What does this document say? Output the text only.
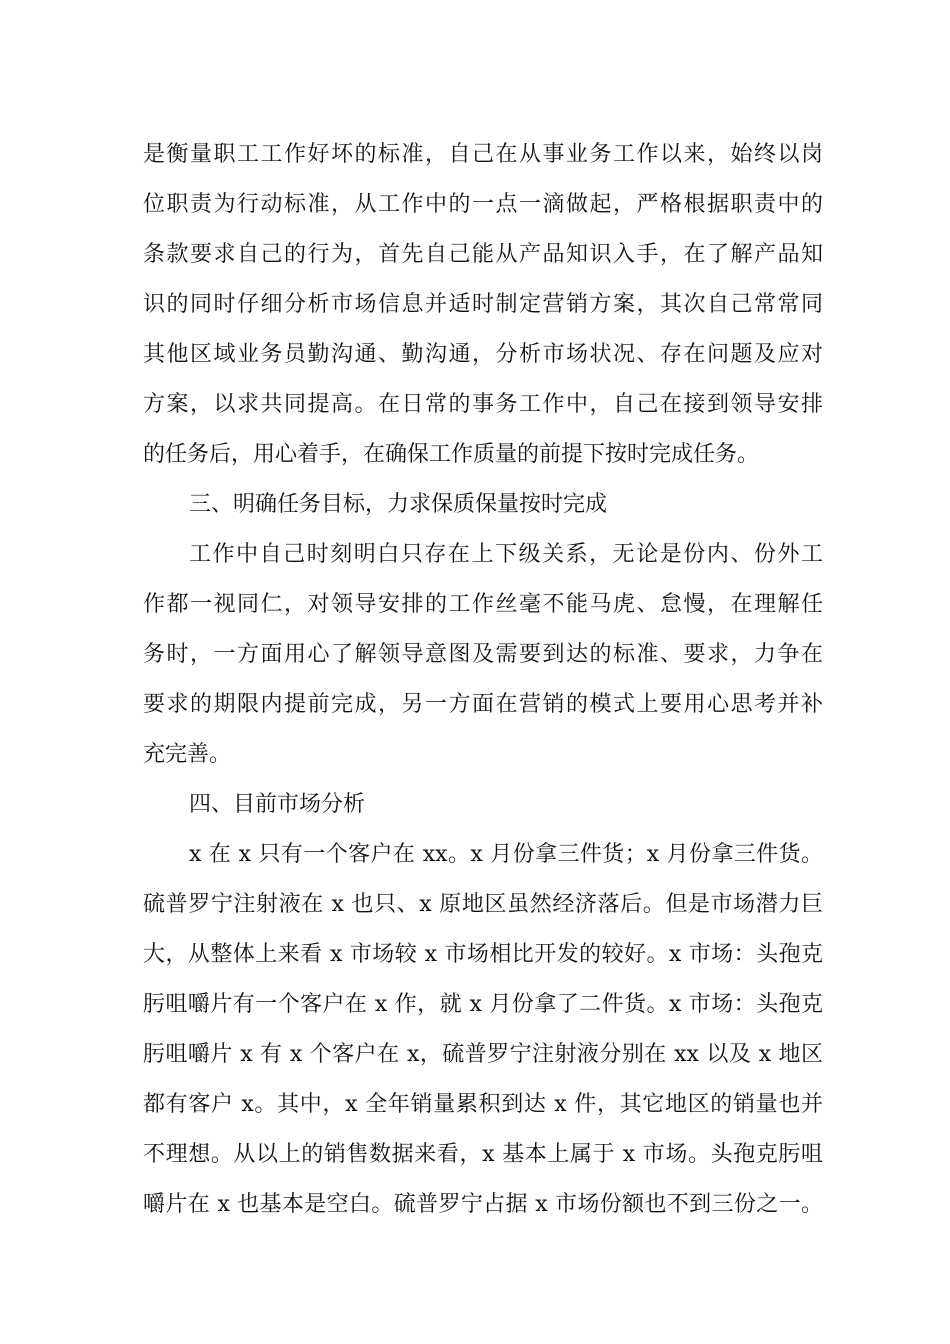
是衡量职工工作好坏的标准，自己在从事业务工作以来，始终以岗
位职责为行动标准，从工作中的一点一滴做起，严格根据职责中的
条款要求自己的行为，首先自己能从产品知识入手，在了解产品知
识的同时仔细分析市场信息并适时制定营销方案，其次自己常常同
其他区域业务员勤沟通、勤沟通，分析市场状况、存在问题及应对
方案，以求共同提高。在日常的事务工作中，自己在接到领导安排
的任务后，用心着手，在确保工作质量的前提下按时完成任务。
三、明确任务目标，力求保质保量按时完成
工作中自己时刻明白只存在上下级关系，无论是份内、份外工
作都一视同仁，对领导安排的工作丝毫不能马虎、怠慢，在理解任
务时，一方面用心了解领导意图及需要到达的标准、要求，力争在
要求的期限内提前完成，另一方面在营销的模式上要用心思考并补
充完善。
四、目前市场分析
x 在 x 只有一个客户在 xx。x 月份拿三件货；x 月份拿三件货。
硫普罗宁注射液在 x 也只、x 原地区虽然经济落后。但是市场潜力巨
大，从整体上来看 x 市场较 x 市场相比开发的较好。x 市场：头孢克
肟咀嚼片有一个客户在 x 作，就 x 月份拿了二件货。x 市场：头孢克
肟咀嚼片 x 有 x 个客户在 x，硫普罗宁注射液分别在 xx 以及 x 地区
都有客户 x。其中，x 全年销量累积到达 x 件，其它地区的销量也并
不理想。从以上的销售数据来看，x 基本上属于 x 市场。头孢克肟咀
嚼片在 x 也基本是空白。硫普罗宁占据 x 市场份额也不到三份之一。
